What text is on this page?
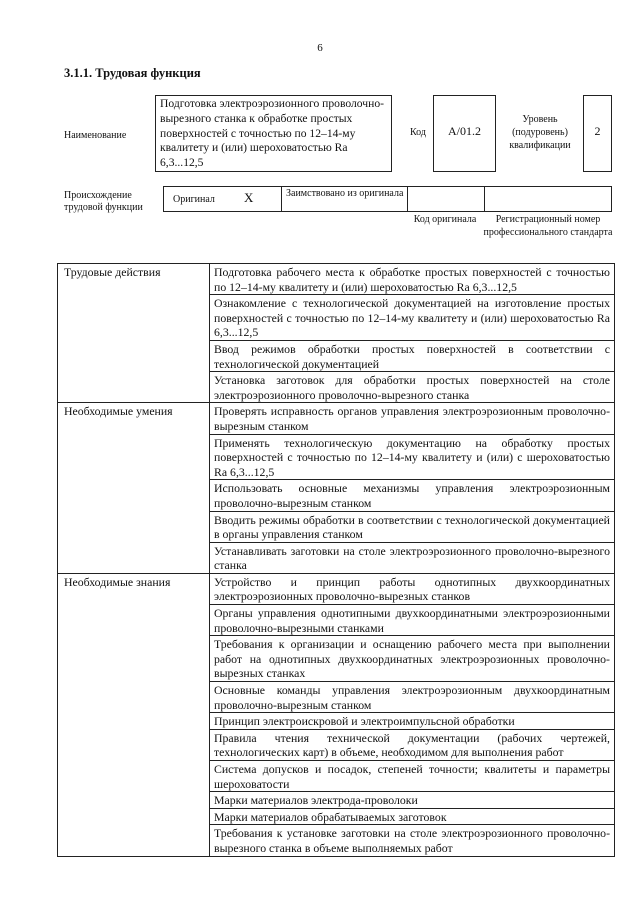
6
3.1.1. Трудовая функция
Наименование
Подготовка электроэрозионного проволочно-вырезного станка к обработке простых поверхностей с точностью по 12–14-му квалитету и (или) шероховатостью Ra 6,3...12,5
Код	A/01.2
Уровень (подуровень) квалификации
2
Происхождение трудовой функции
Оригинал X	Заимствовано из оригинала
Код оригинала	Регистрационный номер профессионального стандарта
Трудовые действия	Подготовка рабочего места к обработке простых поверхностей с точностью по 12–14-му квалитету и (или) шероховатостью Ra 6,3...12,5
	Ознакомление с технологической документацией на изготовление простых поверхностей с точностью по 12–14-му квалитету и (или) шероховатостью Ra 6,3...12,5
	Ввод режимов обработки простых поверхностей в соответствии с технологической документацией
	Установка заготовок для обработки простых поверхностей на столе электроэрозионного проволочно-вырезного станка
Необходимые умения	Проверять исправность органов управления электроэрозионным проволочно-вырезным станком
	Применять технологическую документацию на обработку простых поверхностей с точностью по 12–14-му квалитету и (или) с шероховатостью Ra 6,3...12,5
	Использовать основные механизмы управления электроэрозионным проволочно-вырезным станком
	Вводить режимы обработки в соответствии с технологической документацией в органы управления станком
	Устанавливать заготовки на столе электроэрозионного проволочно-вырезного станка
Необходимые знания	Устройство и принцип работы однотипных двухкоординатных электроэрозионных проволочно-вырезных станков
	Органы управления однотипными двухкоординатными электроэрозионными проволочно-вырезными станками
	Требования к организации и оснащению рабочего места при выполнении работ на однотипных двухкоординатных электроэрозионных проволочно-вырезных станках
	Основные команды управления электроэрозионным двухкоординатным проволочно-вырезным станком
	Принцип электроискровой и электроимпульсной обработки
	Правила чтения технической документации (рабочих чертежей, технологических карт) в объеме, необходимом для выполнения работ
	Система допусков и посадок, степеней точности; квалитеты и параметры шероховатости
	Марки материалов электрода-проволоки
	Марки материалов обрабатываемых заготовок
	Требования к установке заготовки на столе электроэрозионного проволочно-вырезного станка в объеме выполняемых работ
